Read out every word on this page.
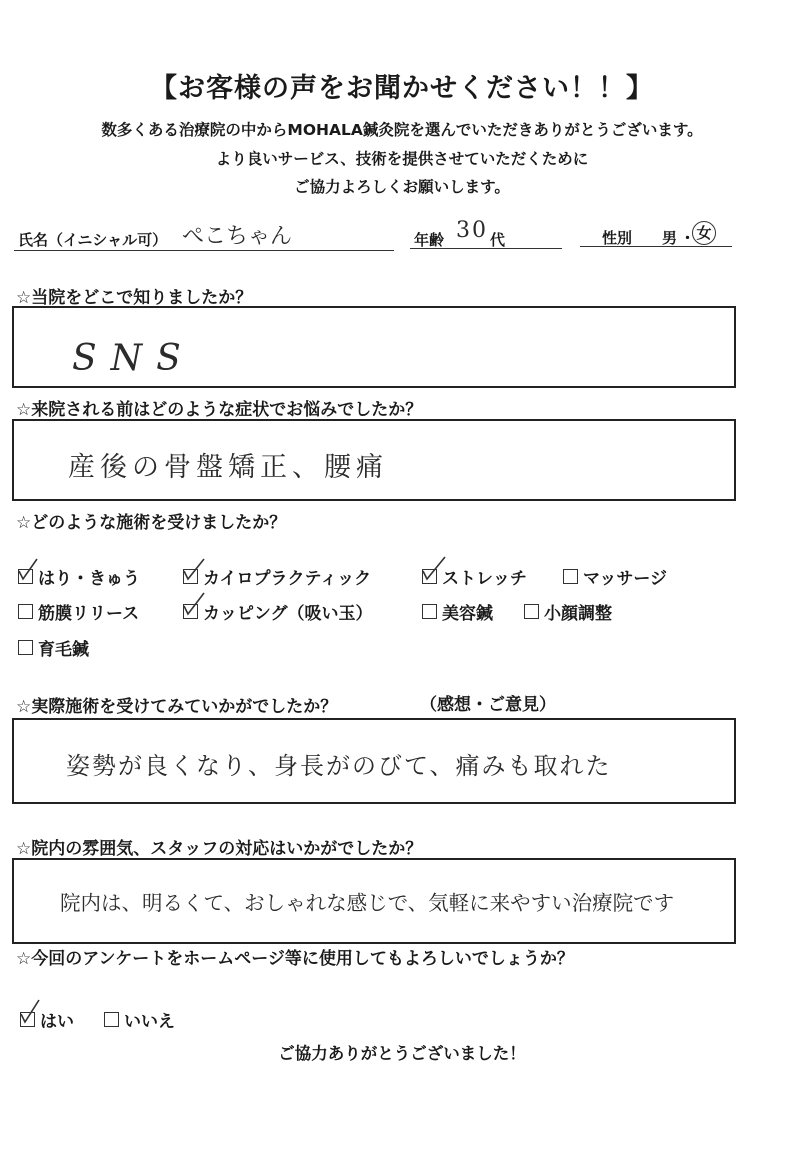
【お客様の声をお聞かせください！！】
数多くある治療院の中からMOHALA鍼灸院を選んでいただきありがとうございます。
より良いサービス、技術を提供させていただくために
ご協力よろしくお願いします。
氏名（イニシャル可） ぺこちゃん	年齢 30 代	性別 男 ・ 女
☆当院をどこで知りましたか？
SNS
☆来院される前はどのような症状でお悩みでしたか？
産後の骨盤矯正、腰痛
☆どのような施術を受けましたか？
はり・きゅう	カイロプラクティック	ストレッチ	マッサージ
筋膜リリース	カッピング（吸い玉）	美容鍼	小顔調整
育毛鍼
☆実際施術を受けてみていかがでしたか？	（感想・ご意見）
姿勢が良くなり、身長がのびて、痛みも取れた
☆院内の雰囲気、スタッフの対応はいかがでしたか？
院内は、明るくて、おしゃれな感じで、気軽に来やすい治療院です
☆今回のアンケートをホームページ等に使用してもよろしいでしょうか？
はい	いいえ
ご協力ありがとうございました！
